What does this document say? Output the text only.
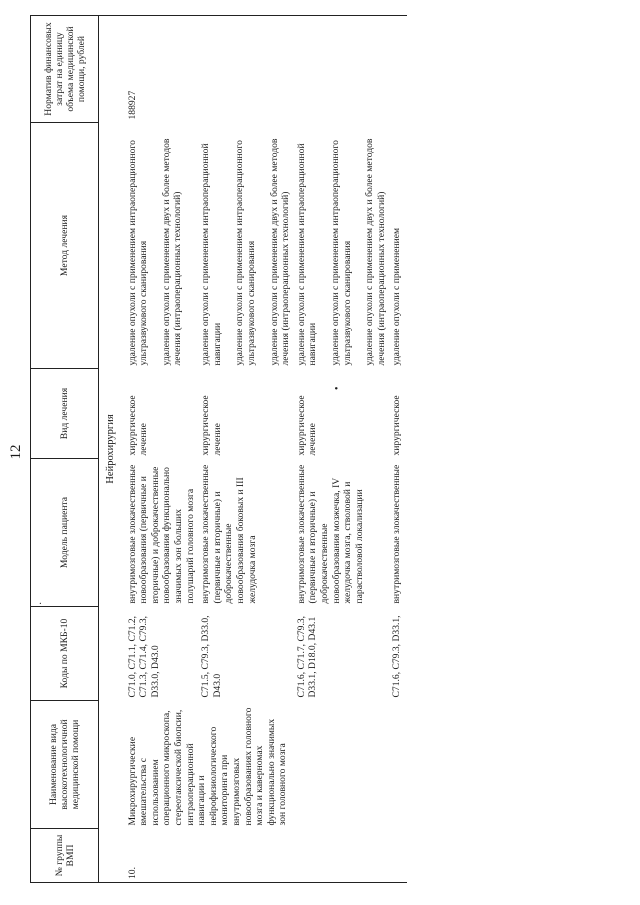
12
№ группы ВМП	Наименование вида высокотехнологичной медицинской помощи	Коды по МКБ-10	Модель пациента	Вид лечения	Метод лечения	Норматив финансовых затрат на единицу объема медицинской помощи, рублей
Нейрохирургия						
10.	Микрохирургические вмешательства с использованием операционного микроскопа, стереотаксической биопсии, интраоперационной навигации и нейрофизиологического мониторинга при внутримозговых новообразованиях головного мозга и каверномах функционально значимых зон головного мозга	C71.0, C71.1, C71.2, C71.3, C71.4, C79.3, D33.0, D43.0	внутримозговые злокачественные новообразования (первичные и вторичные) и доброкачественные новообразования функционально значимых зон больших полушарий головного мозга	хирургическое лечение	удаление опухоли с применением интраоперационного ультразвукового сканирования удаление опухоли с применением двух и более методов лечения (интраоперационных технологий)	188927
		C71.5, C79.3, D33.0, D43.0	внутримозговые злокачественные (первичные и вторичные) и доброкачественные новообразования боковых и III желудочка мозга	хирургическое лечение	удаление опухоли с применением интраоперационной навигации удаление опухоли с применением интраоперационного ультразвукового сканирования удаление опухоли с применением двух и более методов лечения (интраоперационных технологий)	

		C71.6, C71.7, C79.3, D33.1, D18.0, D43.1	внутримозговые злокачественные (первичные и вторичные) и доброкачественные новообразования мозжечка, IV желудочка мозга, стволовой и парастволовой локализации	хирургическое лечение	удаление опухоли с применением интраоперационной навигации удаление опухоли с применением интраоперационного ультразвукового сканирования удаление опухоли с применением двух и более методов лечения (интраоперационных технологий)	

		C71.6, C79.3, D33.1,	внутримозговые злокачественные	хирургическое	удаление опухоли с применением	

•
·
